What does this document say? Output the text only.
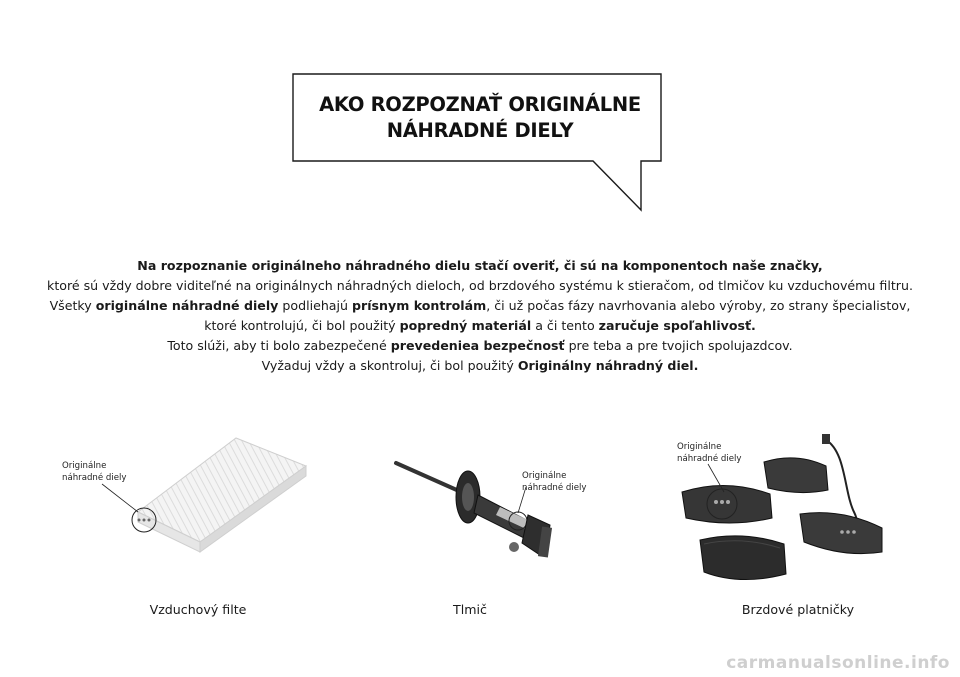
AKO ROZPOZNAŤ ORIGINÁLNE
NÁHRADNÉ DIELY

Na rozpoznanie originálneho náhradného dielu stačí overiť, či sú na komponentoch naše značky,

ktoré sú vždy dobre viditeľné na originálnych náhradných dieloch, od brzdového systému k stieračom, od tlmičov ku vzduchovému filtru.

Všetky originálne náhradné diely podliehajú prísnym kontrolám, či už počas fázy navrhovania alebo výroby, zo strany špecialistov,

ktoré kontrolujú, či bol použitý popredný materiál a či tento zaručuje spoľahlivosť.

Toto slúži, aby ti bolo zabezpečené prevedeniea bezpečnosť pre teba a pre tvojich spolujazdcov.

Vyžaduj vždy a skontroluj, či bol použitý Originálny náhradný diel.

Originálne
náhradné diely
Vzduchový filte
Originálne
náhradné diely
Tlmič
Originálne
náhradné diely
Brzdové platničky
carmanualsonline.info
